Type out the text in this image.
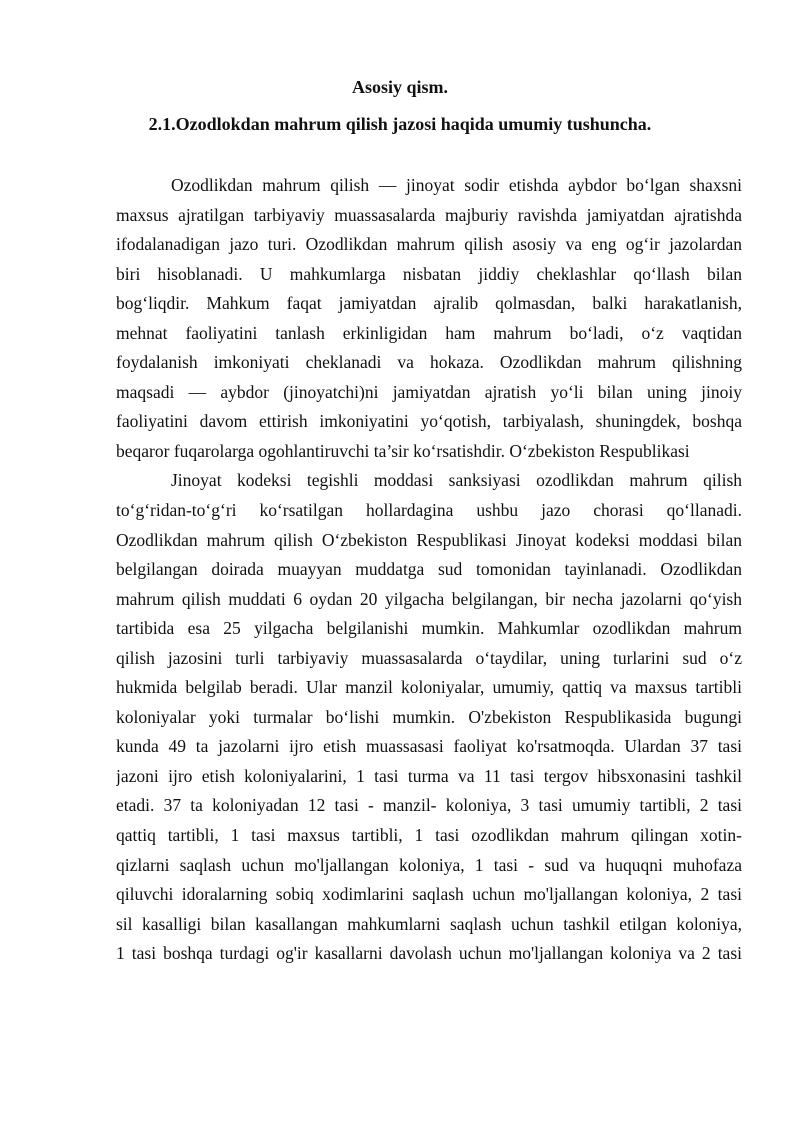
Asosiy qism.
2.1.Ozodlokdan mahrum qilish jazosi haqida umumiy tushuncha.
Ozodlikdan mahrum qilish — jinoyat sodir etishda aybdor bo‘lgan shaxsni
maxsus ajratilgan tarbiyaviy muassasalarda majburiy ravishda jamiyatdan ajratishda
ifodalanadigan jazo turi. Ozodlikdan mahrum qilish asosiy va eng og‘ir jazolardan
biri hisoblanadi. U mahkumlarga nisbatan jiddiy cheklashlar qo‘llash bilan
bog‘liqdir. Mahkum faqat jamiyatdan ajralib qolmasdan, balki harakatlanish,
mehnat faoliyatini tanlash erkinligidan ham mahrum bo‘ladi, o‘z vaqtidan
foydalanish imkoniyati cheklanadi va hokaza. Ozodlikdan mahrum qilishning
maqsadi — aybdor (jinoyatchi)ni jamiyatdan ajratish yo‘li bilan uning jinoiy
faoliyatini davom ettirish imkoniyatini yo‘qotish, tarbiyalash, shuningdek, boshqa
beqaror fuqarolarga ogohlantiruvchi ta’sir ko‘rsatishdir. O‘zbekiston Respublikasi
Jinoyat kodeksi tegishli moddasi sanksiyasi ozodlikdan mahrum qilish
to‘g‘ridan-to‘g‘ri ko‘rsatilgan hollardagina ushbu jazo chorasi qo‘llanadi.
Ozodlikdan mahrum qilish O‘zbekiston Respublikasi Jinoyat kodeksi moddasi bilan
belgilangan doirada muayyan muddatga sud tomonidan tayinlanadi. Ozodlikdan
mahrum qilish muddati 6 oydan 20 yilgacha belgilangan, bir necha jazolarni qo‘yish
tartibida esa 25 yilgacha belgilanishi mumkin. Mahkumlar ozodlikdan mahrum
qilish jazosini turli tarbiyaviy muassasalarda o‘taydilar, uning turlarini sud o‘z
hukmida belgilab beradi. Ular manzil koloniyalar, umumiy, qattiq va maxsus tartibli
koloniyalar yoki turmalar bo‘lishi mumkin. O'zbekiston Respublikasida bugungi
kunda 49 ta jazolarni ijro etish muassasasi faoliyat ko'rsatmoqda. Ulardan 37 tasi
jazoni ijro etish koloniyalarini, 1 tasi turma va 11 tasi tergov hibsxonasini tashkil
etadi. 37 ta koloniyadan 12 tasi - manzil- koloniya, 3 tasi umumiy tartibli, 2 tasi
qattiq tartibli, 1 tasi maxsus tartibli, 1 tasi ozodlikdan mahrum qilingan xotin-
qizlarni saqlash uchun mo'ljallangan koloniya, 1 tasi - sud va huquqni muhofaza
qiluvchi idoralarning sobiq xodimlarini saqlash uchun mo'ljallangan koloniya, 2 tasi
sil kasalligi bilan kasallangan mahkumlarni saqlash uchun tashkil etilgan koloniya,
1 tasi boshqa turdagi og'ir kasallarni davolash uchun mo'ljallangan koloniya va 2 tasi
